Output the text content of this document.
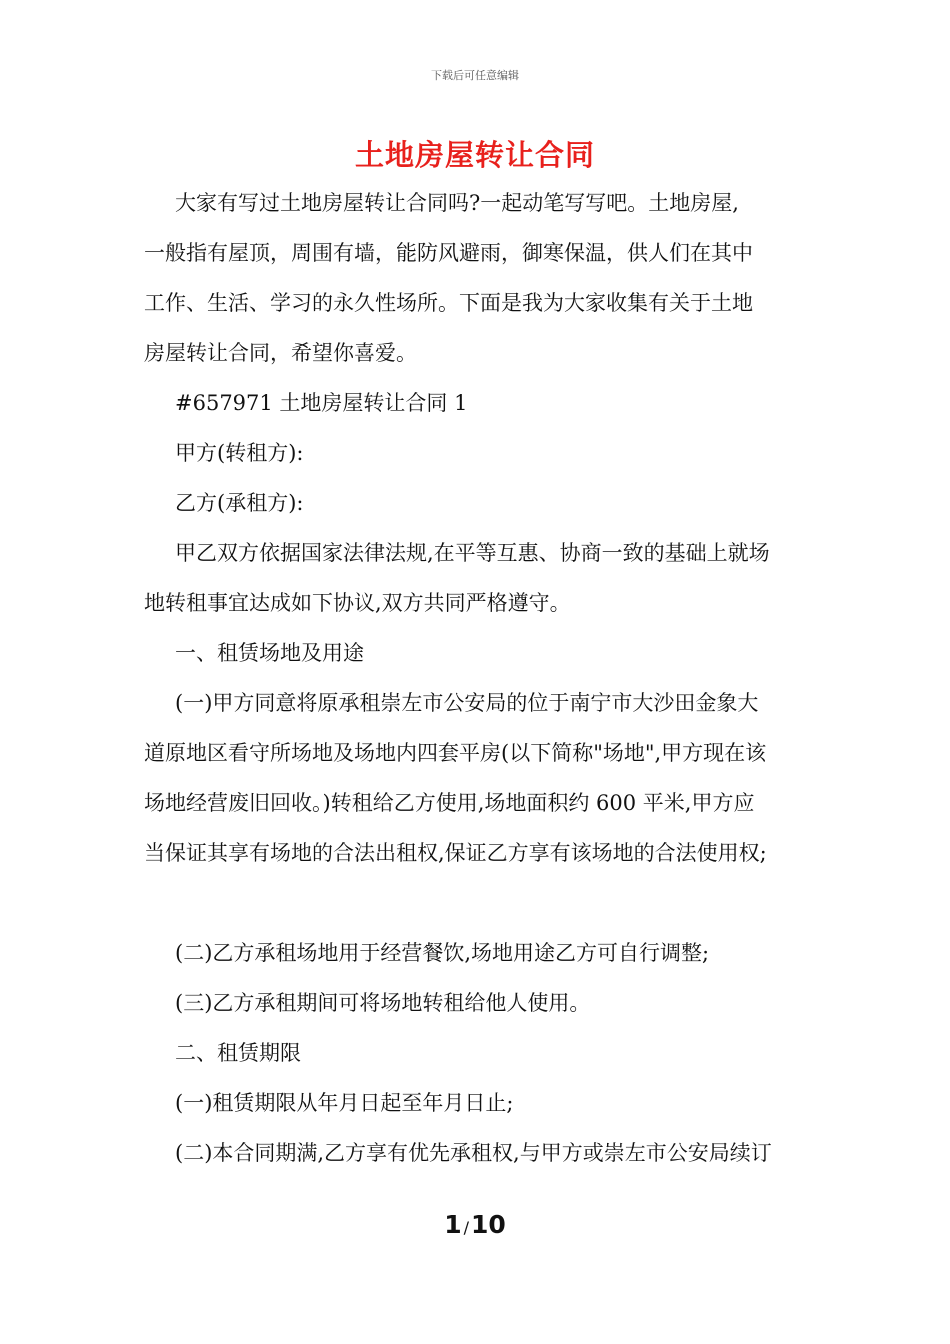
下载后可任意编辑
土地房屋转让合同
大家有写过土地房屋转让合同吗?一起动笔写写吧。土地房屋,
一般指有屋顶，周围有墙，能防风避雨，御寒保温，供人们在其中
工作、生活、学习的永久性场所。下面是我为大家收集有关于土地
房屋转让合同，希望你喜爱。
#657971 土地房屋转让合同 1
甲方(转租方):
乙方(承租方):
甲乙双方依据国家法律法规,在平等互惠、协商一致的基础上就场
地转租事宜达成如下协议,双方共同严格遵守。
一、租赁场地及用途
(一)甲方同意将原承租崇左市公安局的位于南宁市大沙田金象大
道原地区看守所场地及场地内四套平房(以下简称"场地",甲方现在该
场地经营废旧回收。)转租给乙方使用,场地面积约 600 平米,甲方应
当保证其享有场地的合法出租权,保证乙方享有该场地的合法使用权;
(二)乙方承租场地用于经营餐饮,场地用途乙方可自行调整;
(三)乙方承租期间可将场地转租给他人使用。
二、租赁期限
(一)租赁期限从年月日起至年月日止;
(二)本合同期满,乙方享有优先承租权,与甲方或崇左市公安局续订
1 /10
